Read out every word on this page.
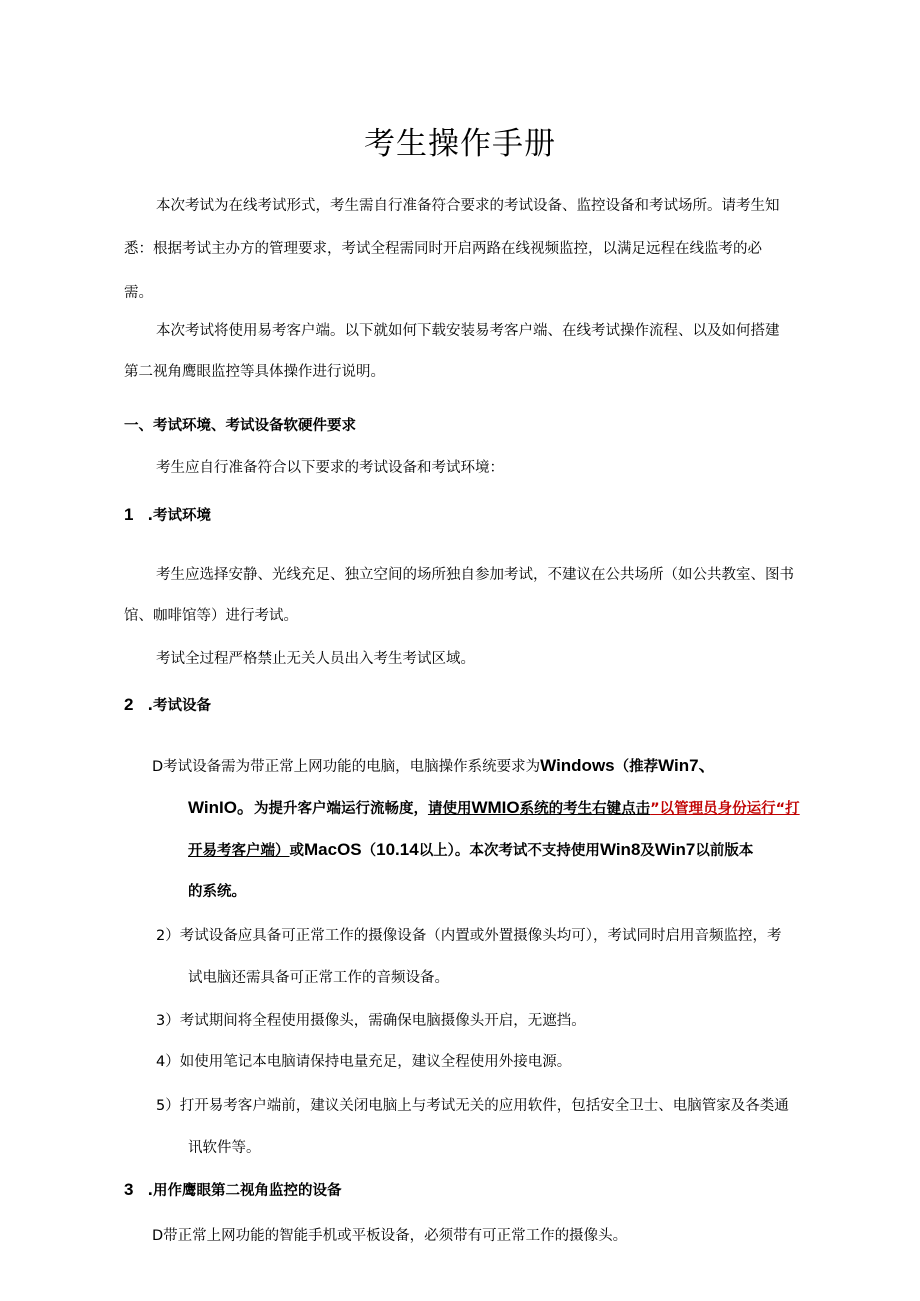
考生操作手册
本次考试为在线考试形式，考生需自行准备符合要求的考试设备、监控设备和考试场所。请考生知
悉：根据考试主办方的管理要求，考试全程需同时开启两路在线视频监控，以满足远程在线监考的必
需。
本次考试将使用易考客户端。以下就如何下载安装易考客户端、在线考试操作流程、以及如何搭建
第二视角鹰眼监控等具体操作进行说明。
一、考试环境、考试设备软硬件要求
考生应自行准备符合以下要求的考试设备和考试环境：
1 .考试环境
考生应选择安静、光线充足、独立空间的场所独自参加考试，不建议在公共场所（如公共教室、图书
馆、咖啡馆等）进行考试。
考试全过程严格禁止无关人员出入考生考试区域。
2 .考试设备
D考试设备需为带正常上网功能的电脑，电脑操作系统要求为Windows（推荐Win7、
WinIO。为提升客户端运行流畅度，请使用WMIO系统的考生右键点击”以管理员身份运行“打
开易考客户端）或MacOS（10.14以上）。本次考试不支持使用Win8及Win7以前版本
的系统。
2）考试设备应具备可正常工作的摄像设备（内置或外置摄像头均可），考试同时启用音频监控，考
试电脑还需具备可正常工作的音频设备。
3）考试期间将全程使用摄像头，需确保电脑摄像头开启，无遮挡。
4）如使用笔记本电脑请保持电量充足，建议全程使用外接电源。
5）打开易考客户端前，建议关闭电脑上与考试无关的应用软件，包括安全卫士、电脑管家及各类通
讯软件等。
3 .用作鹰眼第二视角监控的设备
D带正常上网功能的智能手机或平板设备，必须带有可正常工作的摄像头。
